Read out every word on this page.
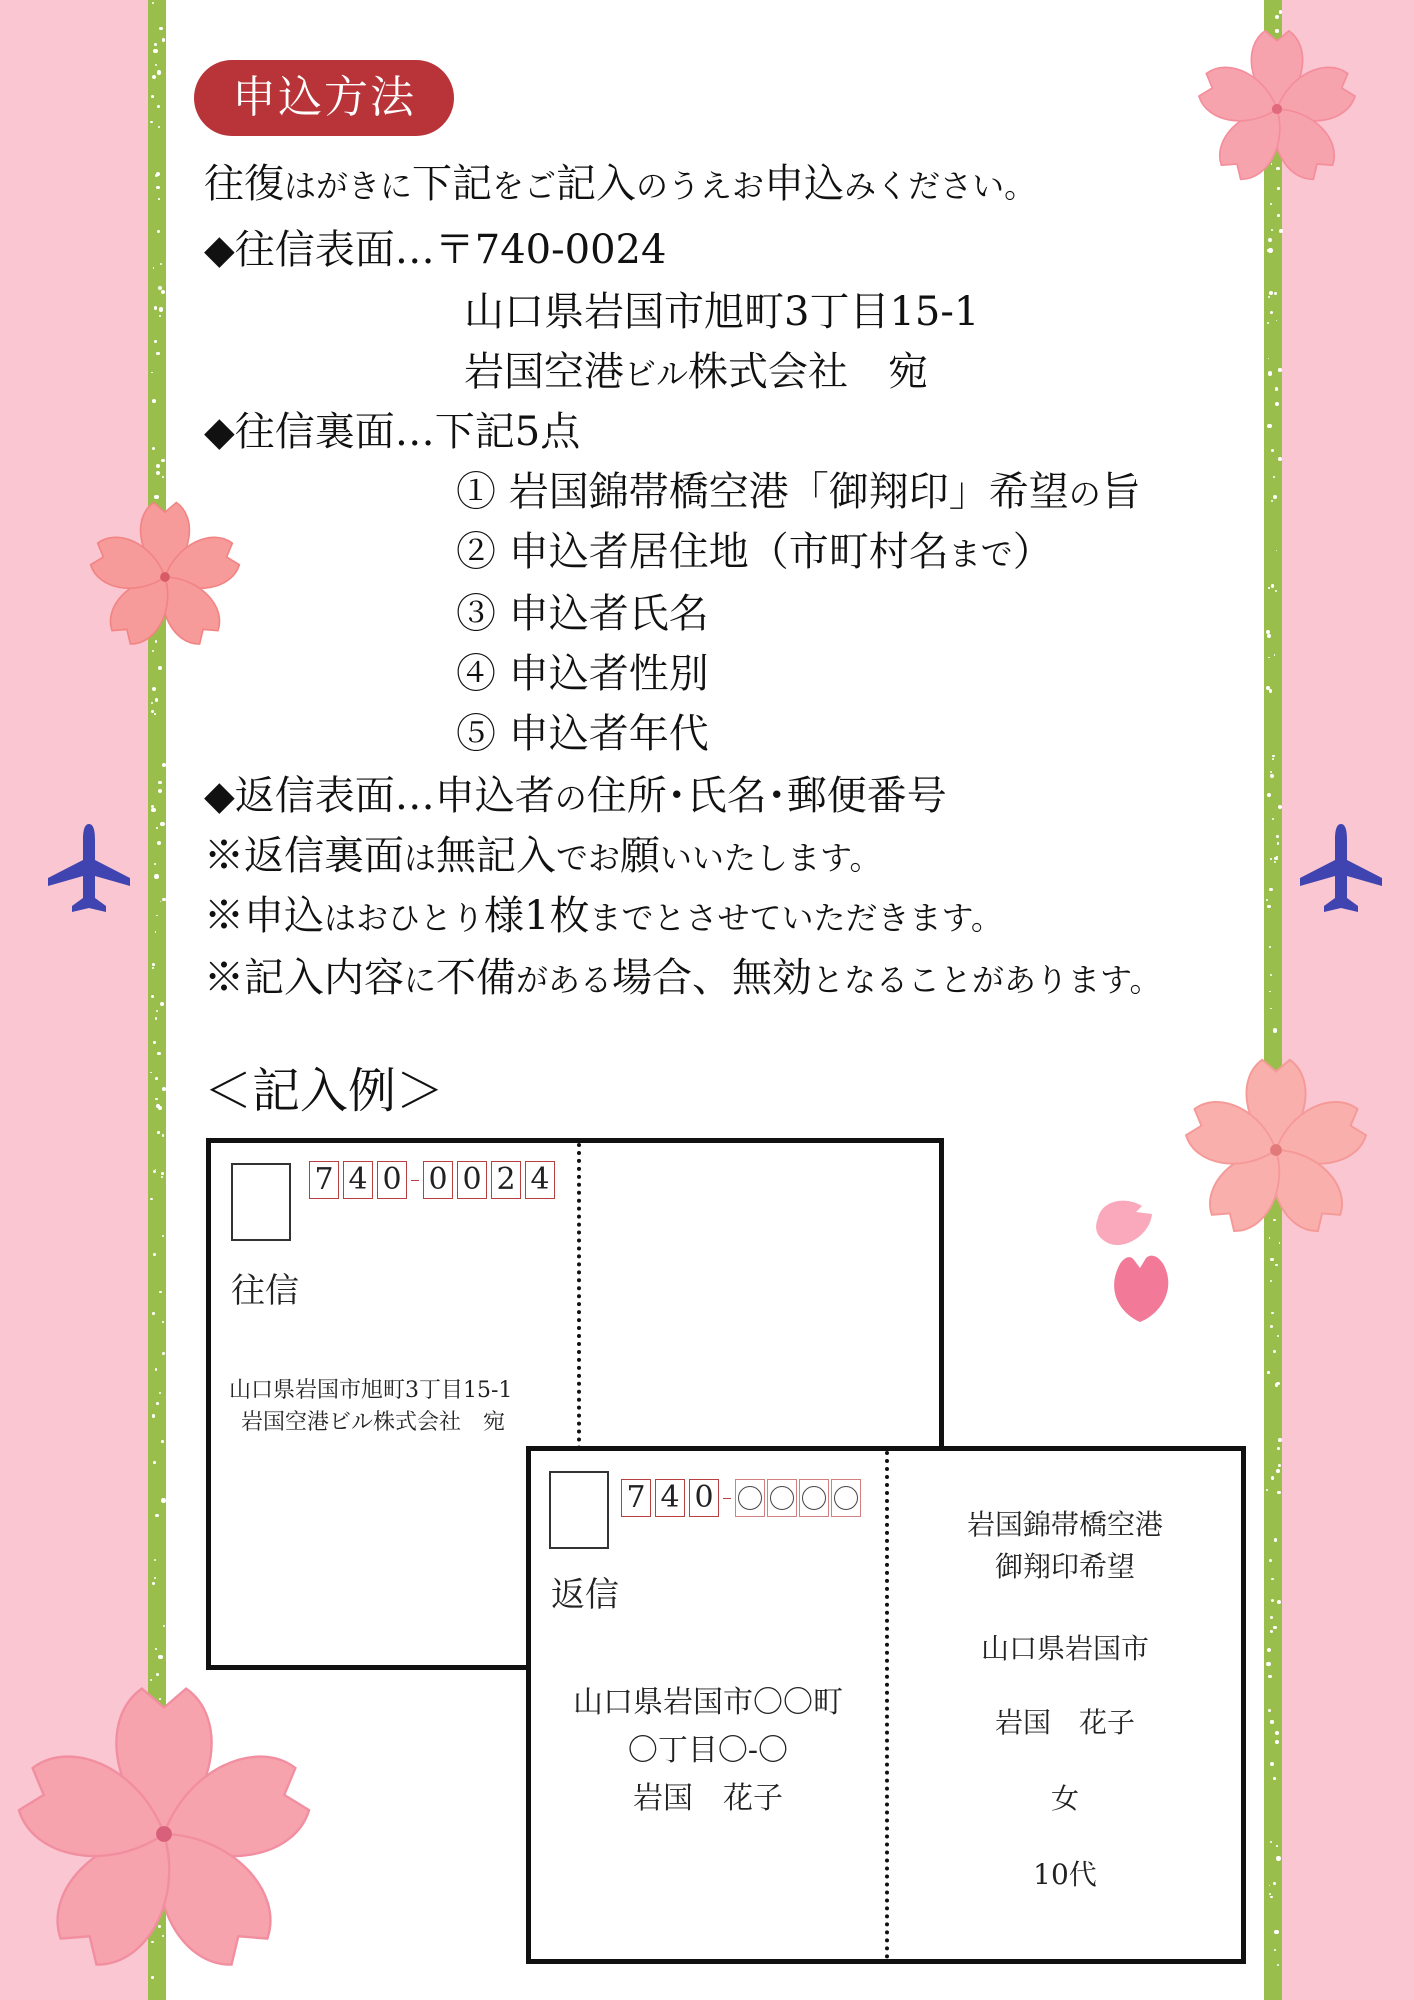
申込方法
往復はがきに下記をご記入のうえお申込みください。
◆往信表面…〒740-0024
山口県岩国市旭町3丁目15-1
岩国空港ビル株式会社　宛
◆往信裏面…下記5点
① 岩国錦帯橋空港「御翔印」希望の旨
② 申込者居住地（市町村名まで）
③ 申込者氏名
④ 申込者性別
⑤ 申込者年代
◆返信表面…申込者の住所･氏名･郵便番号
※返信裏面は無記入でお願いいたします。
※申込はおひとり様1枚までとさせていただきます。
※記入内容に不備がある場合、無効となることがあります。
＜記入例＞
7 4 0 0 0 2 4
往信
山口県岩国市旭町3丁目15-1
岩国空港ビル株式会社　宛
7 4 0
返信
山口県岩国市〇〇町
〇丁目〇-〇
岩国　花子
岩国錦帯橋空港
御翔印希望
山口県岩国市
岩国　花子
女
10代
